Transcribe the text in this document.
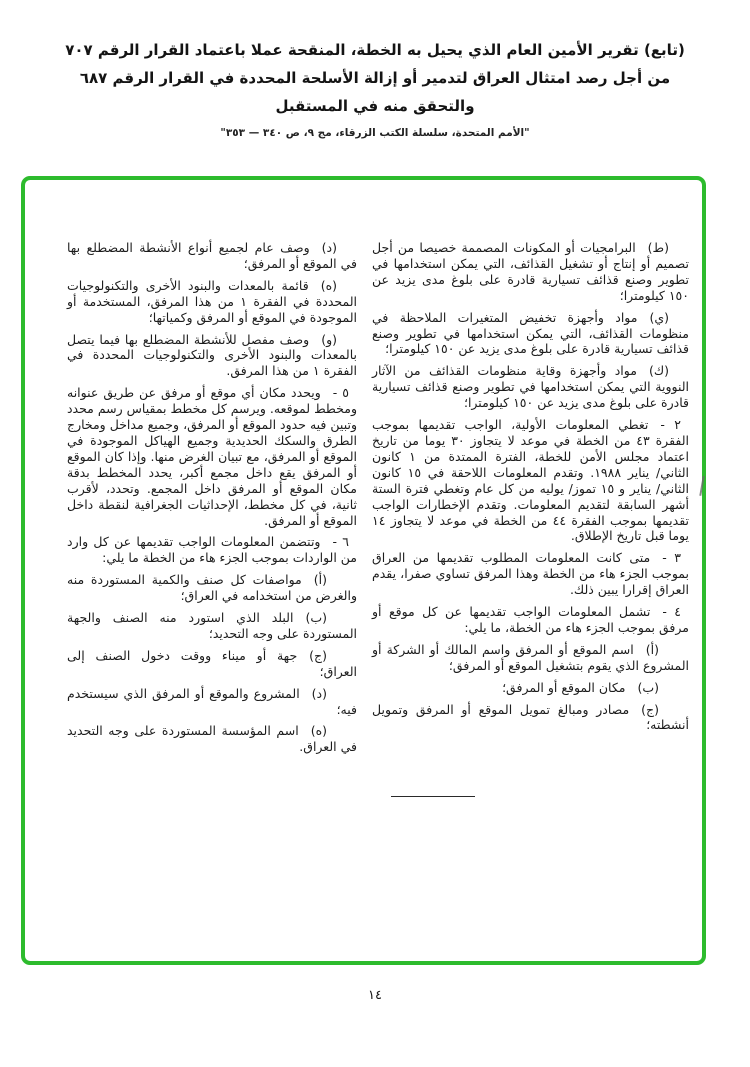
(تابع) تقرير الأمين العام الذي يحيل به الخطة، المنقحة عملا باعتماد القرار الرقم ٧٠٧
من أجل رصد امتثال العراق لتدمير أو إزالة الأسلحة المحددة في القرار الرقم ٦٨٧
والتحقق منه في المستقبل
"الأمم المتحدة، سلسلة الكتب الزرقاء، مج ٩، ص ٣٤٠ — ٣٥٣"

(ط)البرامجيات أو المكونات المصممة خصيصا من أجل تصميم أو إنتاج أو تشغيل القذائف، التي يمكن استخدامها في تطوير وصنع قذائف تسيارية قادرة على بلوغ مدى يزيد عن ١٥٠ كيلومترا؛

(ي)مواد وأجهزة تخفيض المتغيرات الملاحظة في منظومات القذائف، التي يمكن استخدامها في تطوير وصنع قذائف تسيارية قادرة على بلوغ مدى يزيد عن ١٥٠ كيلومترا؛

(ك)مواد وأجهزة وقاية منظومات القذائف من الآثار النووية التي يمكن استخدامها في تطوير وصنع قذائف تسيارية قادرة على بلوغ مدى يزيد عن ١٥٠ كيلومترا؛

٢ -تغطي المعلومات الأولية، الواجب تقديمها بموجب الفقرة ٤٣ من الخطة في موعد لا يتجاوز ٣٠ يوما من تاريخ اعتماد مجلس الأمن للخطة، الفترة الممتدة من ١ كانون الثاني/ يناير ١٩٨٨. وتقدم المعلومات اللاحقة في ١٥ كانون الثاني/ يناير و ١٥ تموز/ يوليه من كل عام وتغطي فترة الستة أشهر السابقة لتقديم المعلومات. وتقدم الإخطارات الواجب تقديمها بموجب الفقرة ٤٤ من الخطة في موعد لا يتجاوز ١٤ يوما قبل تاريخ الإطلاق.

٣ -متى كانت المعلومات المطلوب تقديمها من العراق بموجب الجزء هاء من الخطة وهذا المرفق تساوي صفرا، يقدم العراق إقرارا يبين ذلك.

٤ -تشمل المعلومات الواجب تقديمها عن كل موقع أو مرفق بموجب الجزء هاء من الخطة، ما يلي:

(أ)اسم الموقع أو المرفق واسم المالك أو الشركة أو المشروع الذي يقوم بتشغيل الموقع أو المرفق؛

(ب)مكان الموقع أو المرفق؛

(ج)مصادر ومبالغ تمويل الموقع أو المرفق وتمويل أنشطته؛

(د)وصف عام لجميع أنواع الأنشطة المضطلع بها في الموقع أو المرفق؛

(ه)قائمة بالمعدات والبنود الأخرى والتكنولوجيات المحددة في الفقرة ١ من هذا المرفق، المستخدمة أو الموجودة في الموقع أو المرفق وكمياتها؛

(و)وصف مفصل للأنشطة المضطلع بها فيما يتصل بالمعدات والبنود الأخرى والتكنولوجيات المحددة في الفقرة ١ من هذا المرفق.

٥ -ويحدد مكان أي موقع أو مرفق عن طريق عنوانه ومخطط لموقعه. ويرسم كل مخطط بمقياس رسم محدد وتبين فيه حدود الموقع أو المرفق، وجميع مداخل ومخارج الطرق والسكك الحديدية وجميع الهياكل الموجودة في الموقع أو المرفق، مع تبيان الغرض منها. وإذا كان الموقع أو المرفق يقع داخل مجمع أكبر، يحدد المخطط بدقة مكان الموقع أو المرفق داخل المجمع. وتحدد، لأقرب ثانية، في كل مخطط، الإحداثيات الجغرافية لنقطة داخل الموقع أو المرفق.

٦ -وتتضمن المعلومات الواجب تقديمها عن كل وارد من الواردات بموجب الجزء هاء من الخطة ما يلي:

(أ)مواصفات كل صنف والكمية المستوردة منه والغرض من استخدامه في العراق؛

(ب)البلد الذي استورد منه الصنف والجهة المستوردة على وجه التحديد؛

(ج)جهة أو ميناء ووقت دخول الصنف إلى العراق؛

(د)المشروع والموقع أو المرفق الذي سيستخدم فيه؛

(ه)اسم المؤسسة المستوردة على وجه التحديد في العراق.

١٤
